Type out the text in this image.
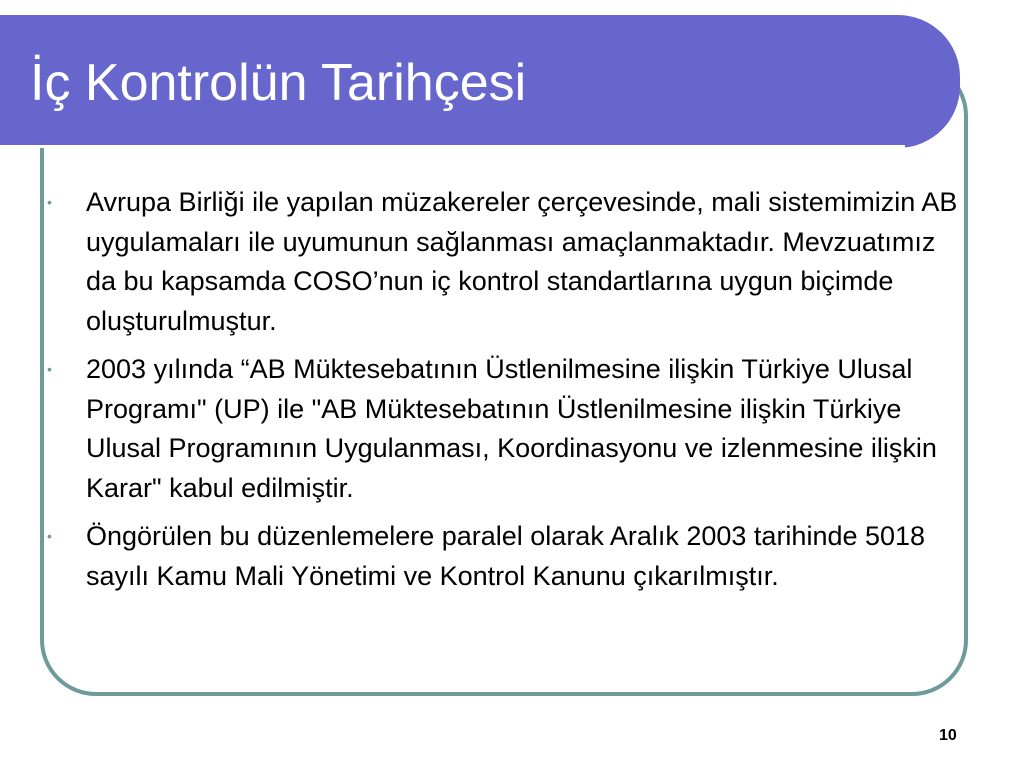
İç Kontrolün Tarihçesi
• Avrupa Birliği ile yapılan müzakereler çerçevesinde, mali sistemimizin AB uygulamaları ile uyumunun sağlanması amaçlanmaktadır. Mevzuatımız da bu kapsamda COSO’nun iç kontrol standartlarına uygun biçimde oluşturulmuştur.
• 2003 yılında “AB Müktesebatının Üstlenilmesine ilişkin Türkiye Ulusal Programı" (UP) ile "AB Müktesebatının Üstlenilmesine ilişkin Türkiye Ulusal Programının Uygulanması, Koordinasyonu ve izlenmesine ilişkin Karar" kabul edilmiştir.
• Öngörülen bu düzenlemelere paralel olarak Aralık 2003 tarihinde 5018 sayılı Kamu Mali Yönetimi ve Kontrol Kanunu çıkarılmıştır.
10
